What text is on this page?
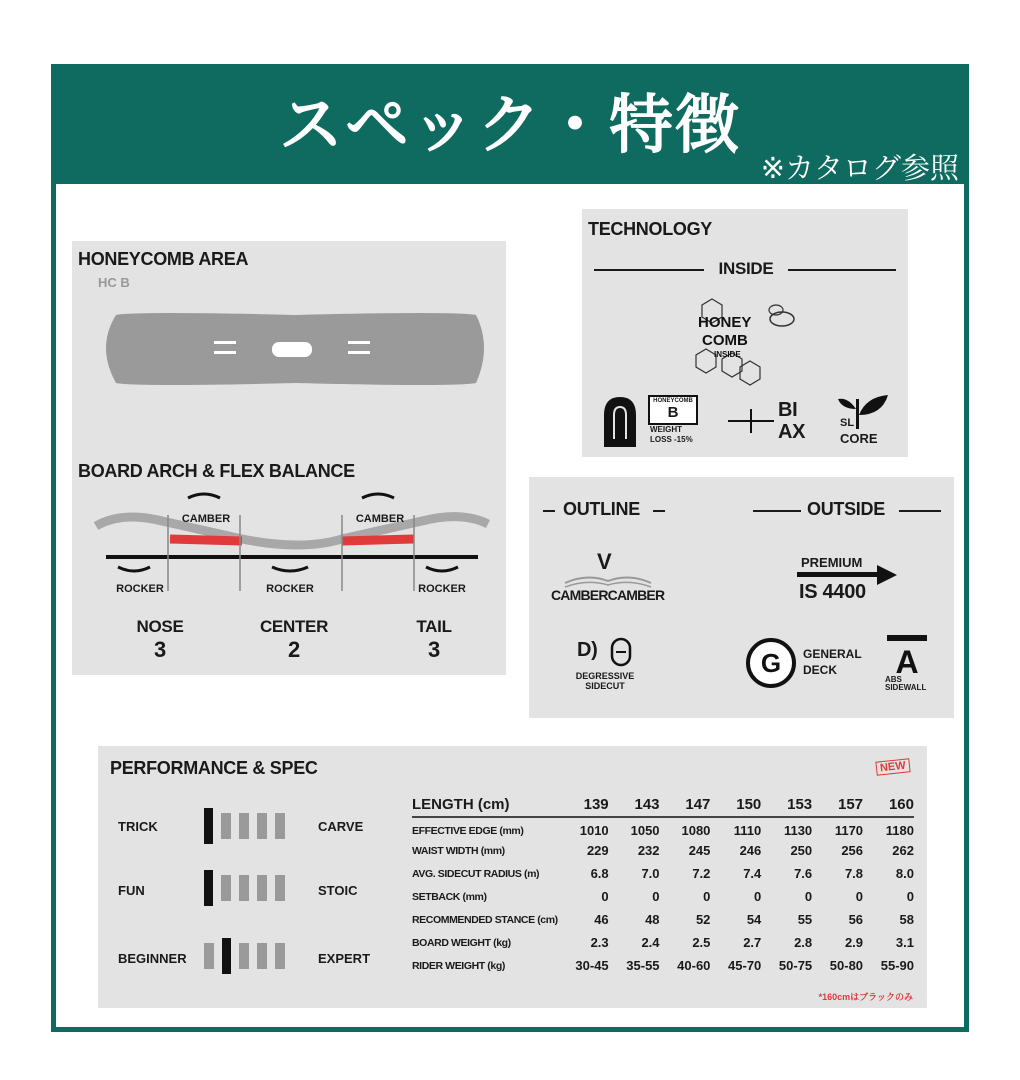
スペック・特徴
※カタログ参照
HONEYCOMB AREA
HC B
BOARD ARCH & FLEX BALANCE
CAMBER	CAMBER
ROCKER	ROCKER	ROCKER
NOSE
3
CENTER
2
TAIL
3
TECHNOLOGY
INSIDE
HONEY
COMB
INSIDE
HONEYCOMB
B
WEIGHT
LOSS -15%
BI
AX	SL
CORE
OUTLINE	OUTSIDE
V
CAMBERCAMBER
PREMIUM
IS 4400
D)
DEGRESSIVE
SIDECUT
G GENERAL
DECK A
ABS
SIDEWALL
PERFORMANCE & SPEC	NEW
TRICK	CARVE
FUN	STOIC
BEGINNER	EXPERT
LENGTH (cm)	139	143	147	150	153	157	160
EFFECTIVE EDGE (mm)	1010	1050	1080	1110	1130	1170	1180
WAIST WIDTH (mm)	229	232	245	246	250	256	262
AVG. SIDECUT RADIUS (m)	6.8	7.0	7.2	7.4	7.6	7.8	8.0
SETBACK (mm)	0	0	0	0	0	0	0
RECOMMENDED STANCE (cm)	46	48	52	54	55	56	58
BOARD WEIGHT (kg)	2.3	2.4	2.5	2.7	2.8	2.9	3.1
RIDER WEIGHT (kg)	30-45	35-55	40-60	45-70	50-75	50-80	55-90
*160cmはブラックのみ
